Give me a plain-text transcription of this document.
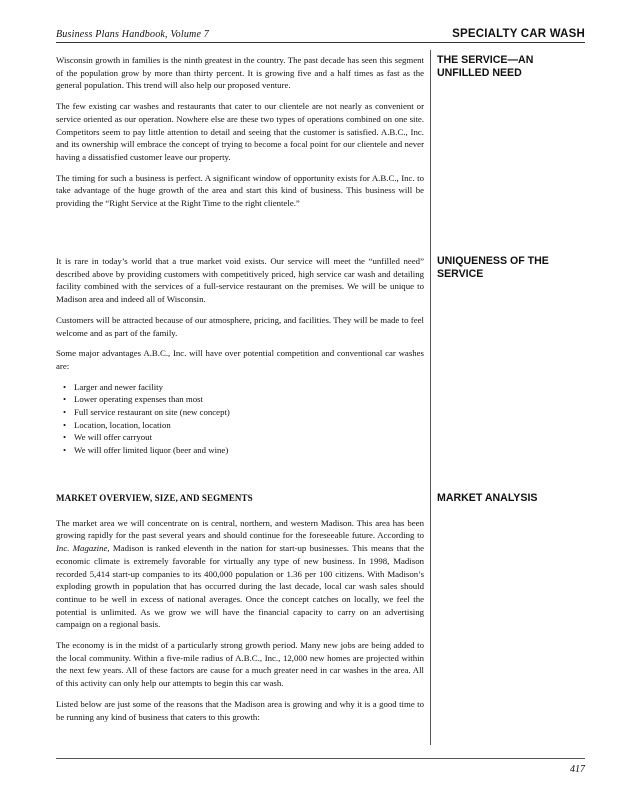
Business Plans Handbook, Volume 7	SPECIALTY CAR WASH
THE SERVICE—AN UNFILLED NEED
UNIQUENESS OF THE SERVICE
MARKET ANALYSIS

Wisconsin growth in families is the ninth greatest in the country. The past decade has seen this segment of the population grow by more than thirty percent. It is growing five and a half times as fast as the general population. This trend will also help our proposed venture.

The few existing car washes and restaurants that cater to our clientele are not nearly as convenient or service oriented as our operation. Nowhere else are these two types of operations combined on one site. Competitors seem to pay little attention to detail and seeing that the customer is satisfied. A.B.C., Inc. and its ownership will embrace the concept of trying to become a focal point for our clientele and never having a dissatisfied customer leave our property.

The timing for such a business is perfect. A significant window of opportunity exists for A.B.C., Inc. to take advantage of the huge growth of the area and start this kind of business. This business will be providing the “Right Service at the Right Time to the right clientele.”

It is rare in today’s world that a true market void exists. Our service will meet the “unfilled need” described above by providing customers with competitively priced, high service car wash and detailing facility combined with the services of a full-service restaurant on the premises. We will be unique to Madison area and indeed all of Wisconsin.

Customers will be attracted because of our atmosphere, pricing, and facilities. They will be made to feel welcome and as part of the family.

Some major advantages A.B.C., Inc. will have over potential competition and conventional car washes are:

• Larger and newer facility
• Lower operating expenses than most
• Full service restaurant on site (new concept)
• Location, location, location
• We will offer carryout
• We will offer limited liquor (beer and wine)
MARKET OVERVIEW, SIZE, AND SEGMENTS

The market area we will concentrate on is central, northern, and western Madison. This area has been growing rapidly for the past several years and should continue for the foreseeable future. According to Inc. Magazine, Madison is ranked eleventh in the nation for start-up businesses. This means that the economic climate is extremely favorable for virtually any type of new business. In 1998, Madison recorded 5,414 start-up companies to its 400,000 population or 1.36 per 100 citizens. With Madison’s exploding growth in population that has occurred during the last decade, local car wash sales should continue to be well in excess of national averages. Once the concept catches on locally, we feel the potential is unlimited. As we grow we will have the financial capacity to carry on an advertising campaign on a regional basis.

The economy is in the midst of a particularly strong growth period. Many new jobs are being added to the local community. Within a five-mile radius of A.B.C., Inc., 12,000 new homes are projected within the next few years. All of these factors are cause for a much greater need in car washes in the area. All of this activity can only help our attempts to begin this car wash.

Listed below are just some of the reasons that the Madison area is growing and why it is a good time to be running any kind of business that caters to this growth:

417
